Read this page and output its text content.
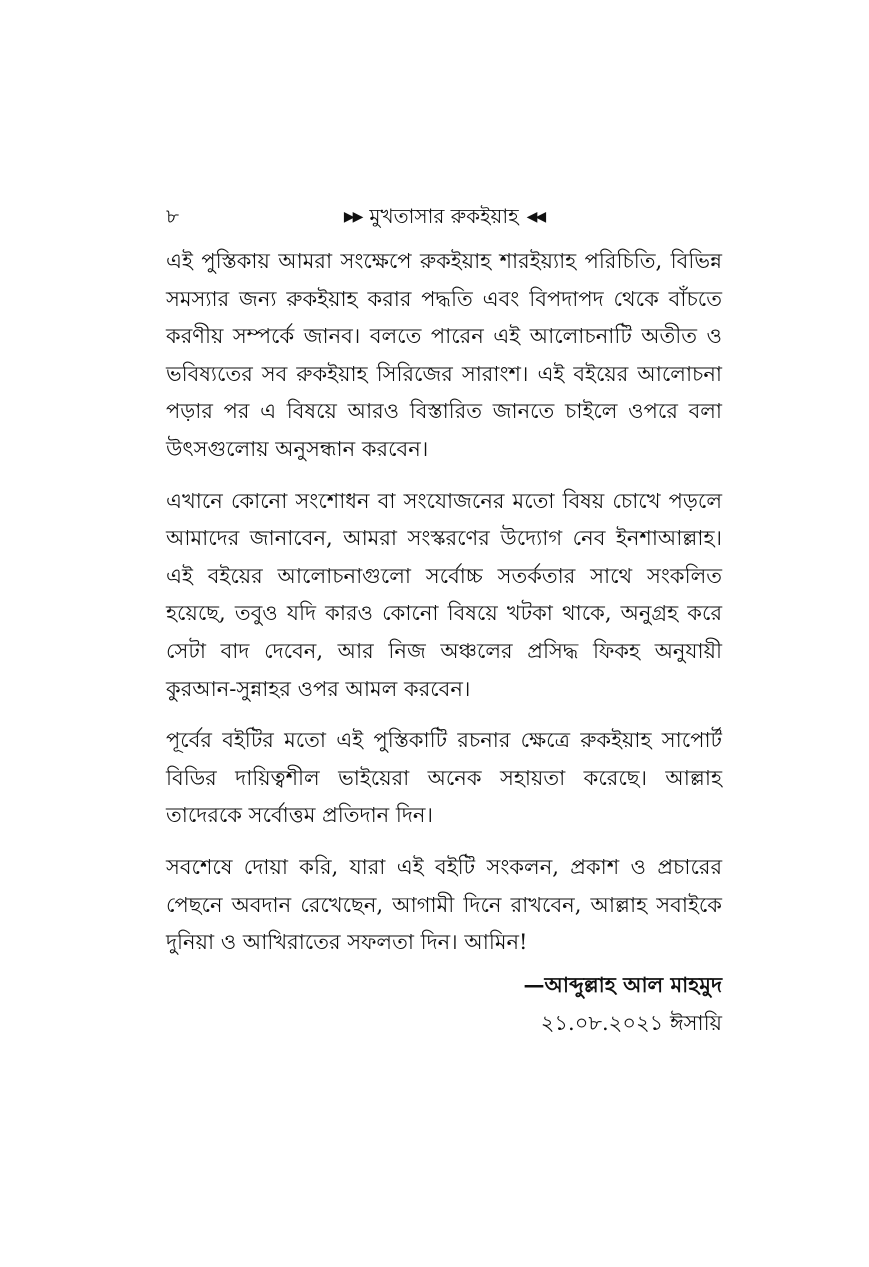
৮	▶▶ মুখতাসার রুকইয়াহ ◀◀

এই পুস্তিকায় আমরা সংক্ষেপে রুকইয়াহ শারইয়্যাহ পরিচিতি, বিভিন্ন সমস্যার জন্য রুকইয়াহ করার পদ্ধতি এবং বিপদাপদ থেকে বাঁচতে করণীয় সম্পর্কে জানব। বলতে পারেন এই আলোচনাটি অতীত ও ভবিষ্যতের সব রুকইয়াহ সিরিজের সারাংশ। এই বইয়ের আলোচনা পড়ার পর এ বিষয়ে আরও বিস্তারিত জানতে চাইলে ওপরে বলা উৎসগুলোয় অনুসন্ধান করবেন।

এখানে কোনো সংশোধন বা সংযোজনের মতো বিষয় চোখে পড়লে আমাদের জানাবেন, আমরা সংস্করণের উদ্যোগ নেব ইনশাআল্লাহ। এই বইয়ের আলোচনাগুলো সর্বোচ্চ সতর্কতার সাথে সংকলিত হয়েছে, তবুও যদি কারও কোনো বিষয়ে খটকা থাকে, অনুগ্রহ করে সেটা বাদ দেবেন, আর নিজ অঞ্চলের প্রসিদ্ধ ফিকহ অনুযায়ী কুরআন-সুন্নাহর ওপর আমল করবেন।

পূর্বের বইটির মতো এই পুস্তিকাটি রচনার ক্ষেত্রে রুকইয়াহ সাপোর্ট বিডির দায়িত্বশীল ভাইয়েরা অনেক সহায়তা করেছে। আল্লাহ তাদেরকে সর্বোত্তম প্রতিদান দিন।

সবশেষে দোয়া করি, যারা এই বইটি সংকলন, প্রকাশ ও প্রচারের পেছনে অবদান রেখেছেন, আগামী দিনে রাখবেন, আল্লাহ সবাইকে দুনিয়া ও আখিরাতের সফলতা দিন। আমিন!

—আব্দুল্লাহ আল মাহমুদ
২১.০৮.২০২১ ঈসায়ি
